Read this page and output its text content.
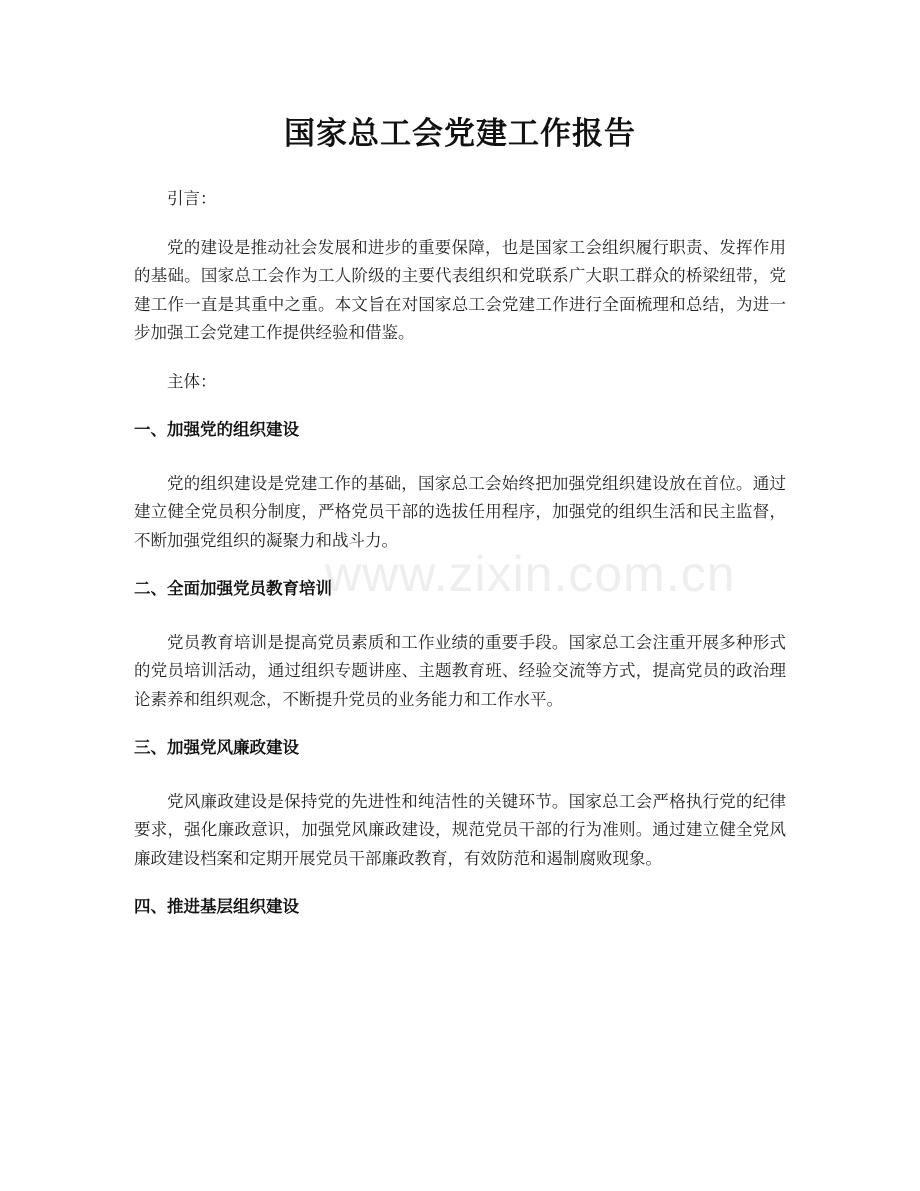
国家总工会党建工作报告

引言：

党的建设是推动社会发展和进步的重要保障，也是国家工会组织履行职责、发挥作用的基础。国家总工会作为工人阶级的主要代表组织和党联系广大职工群众的桥梁纽带，党建工作一直是其重中之重。本文旨在对国家总工会党建工作进行全面梳理和总结，为进一步加强工会党建工作提供经验和借鉴。

主体：

一、加强党的组织建设

党的组织建设是党建工作的基础，国家总工会始终把加强党组织建设放在首位。通过建立健全党员积分制度，严格党员干部的选拔任用程序，加强党的组织生活和民主监督，不断加强党组织的凝聚力和战斗力。

二、全面加强党员教育培训

党员教育培训是提高党员素质和工作业绩的重要手段。国家总工会注重开展多种形式的党员培训活动，通过组织专题讲座、主题教育班、经验交流等方式，提高党员的政治理论素养和组织观念，不断提升党员的业务能力和工作水平。

三、加强党风廉政建设

党风廉政建设是保持党的先进性和纯洁性的关键环节。国家总工会严格执行党的纪律要求，强化廉政意识，加强党风廉政建设，规范党员干部的行为准则。通过建立健全党风廉政建设档案和定期开展党员干部廉政教育，有效防范和遏制腐败现象。

四、推进基层组织建设
www.zixin.com.cn
